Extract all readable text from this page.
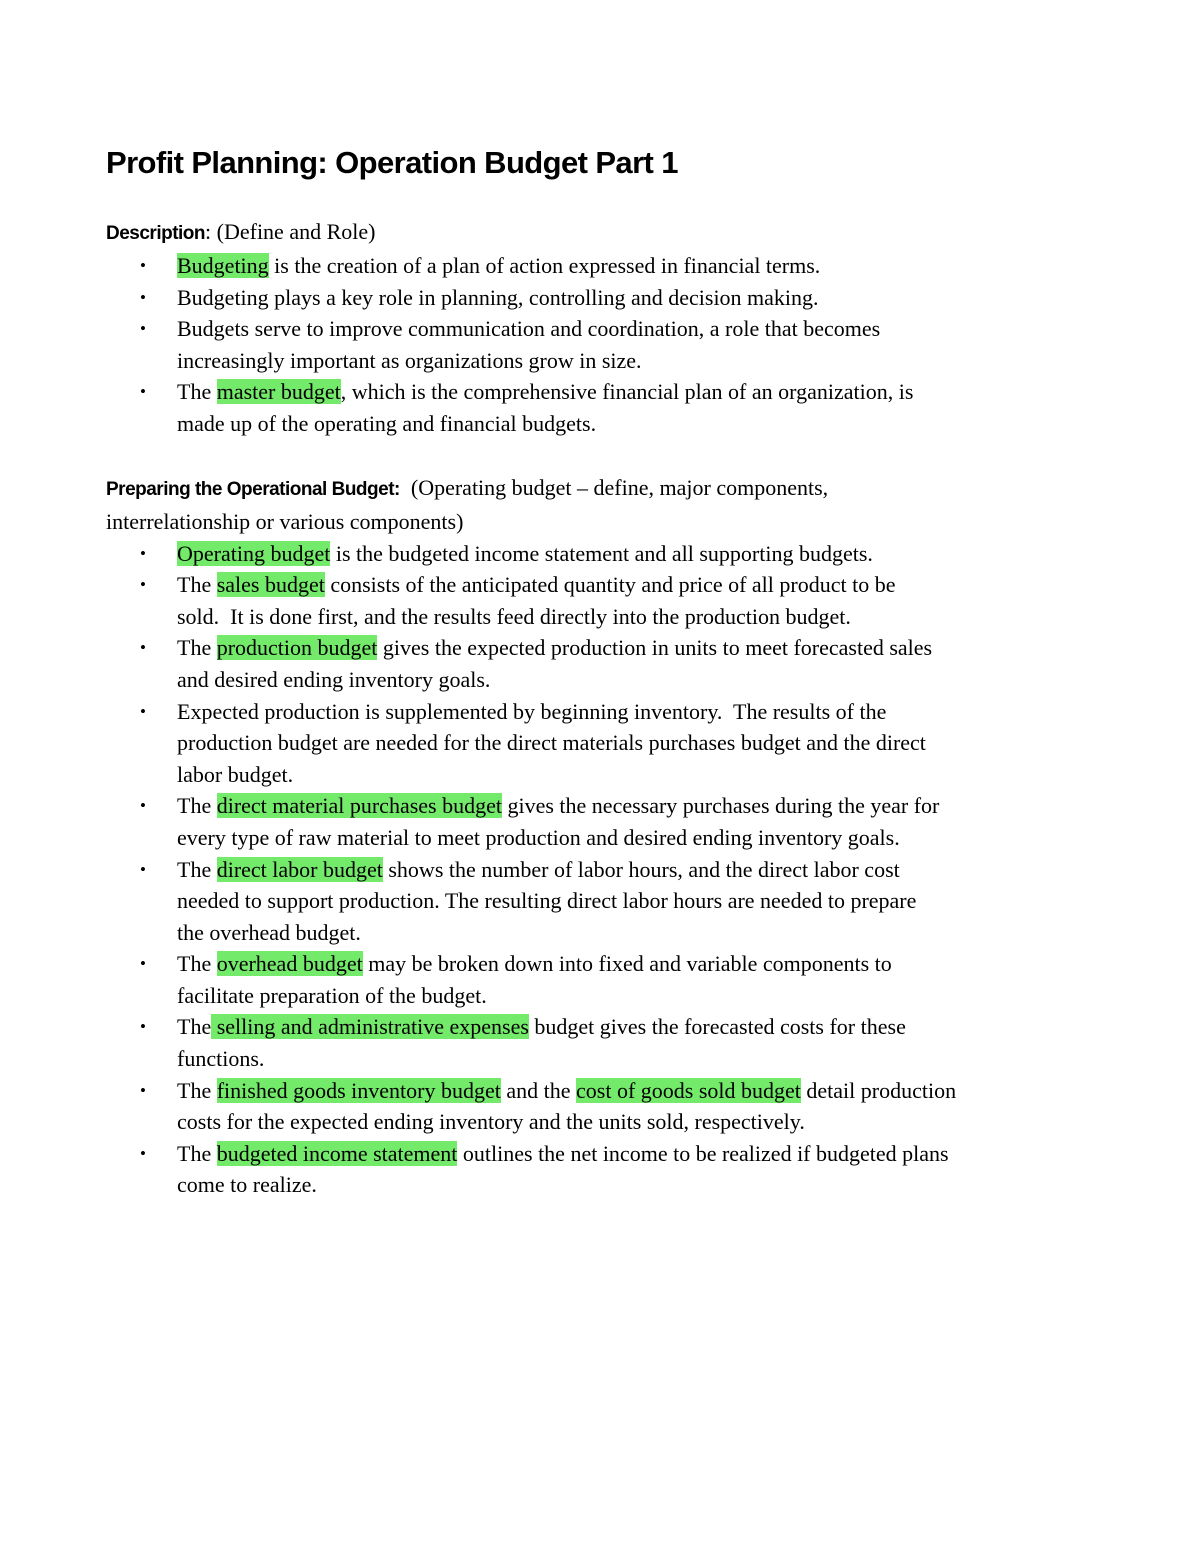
Profit Planning: Operation Budget Part 1

Description: (Define and Role)

• Budgeting is the creation of a plan of action expressed in financial terms.
• Budgeting plays a key role in planning, controlling and decision making.
• Budgets serve to improve communication and coordination, a role that becomes
increasingly important as organizations grow in size.
• The master budget, which is the comprehensive financial plan of an organization, is
made up of the operating and financial budgets.

Preparing the Operational Budget:  (Operating budget – define, major components,
interrelationship or various components)

• Operating budget is the budgeted income statement and all supporting budgets.
• The sales budget consists of the anticipated quantity and price of all product to be
sold.  It is done first, and the results feed directly into the production budget.
• The production budget gives the expected production in units to meet forecasted sales
and desired ending inventory goals.
• Expected production is supplemented by beginning inventory.  The results of the
production budget are needed for the direct materials purchases budget and the direct
labor budget.
• The direct material purchases budget gives the necessary purchases during the year for
every type of raw material to meet production and desired ending inventory goals.
• The direct labor budget shows the number of labor hours, and the direct labor cost
needed to support production. The resulting direct labor hours are needed to prepare
the overhead budget.
• The overhead budget may be broken down into fixed and variable components to
facilitate preparation of the budget.
• The selling and administrative expenses budget gives the forecasted costs for these
functions.
• The finished goods inventory budget and the cost of goods sold budget detail production
costs for the expected ending inventory and the units sold, respectively.
• The budgeted income statement outlines the net income to be realized if budgeted plans
come to realize.
